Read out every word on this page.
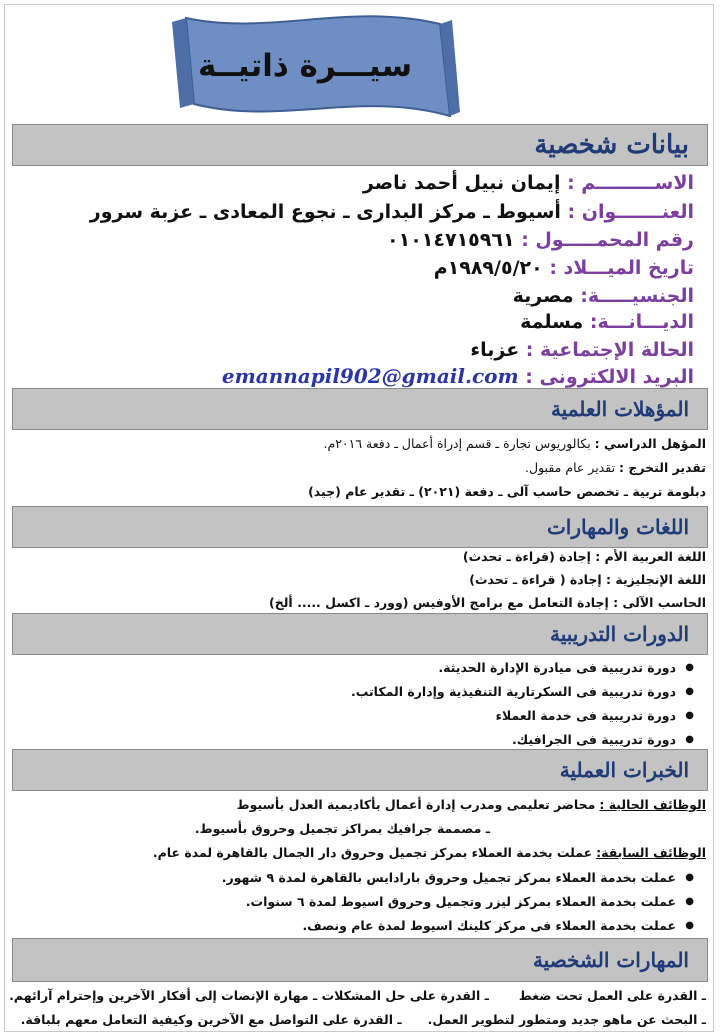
سيـــرة ذاتيــة
بيانات شخصية
الاســـــــــم : إيمان نبيل أحمد ناصر
العنـــــــوان : أسيوط ـ مركز البدارى ـ نجوع المعادى ـ عزبة سرور
رقم المحمـــــول : ٠١٠١٤٧١٥٩٦١
تاريخ الميـــلاد : ١٩٨٩/٥/٢٠م
الجنسيـــــة: مصرية
الديـــانـــة: مسلمة
الحالة الإجتماعية : عزباء
البريد الالكترونى : emannapil902@gmail.com
المؤهلات العلمية
المؤهل الدراسي : بكالوريوس تجارة ـ قسم إدراة أعمال ـ دفعة ٢٠١٦م.
تقدير التخرج : تقدير عام مقبول.
دبلومة تربية ـ تخصص حاسب آلى ـ دفعة (٢٠٢١) ـ تقدير عام (جيد)
اللغات والمهارات
اللغة العربية الأم : إجادة (قراءة ـ تحدث)
اللغة الإنجليزية : إجادة ( قراءة ـ تحدث)
الحاسب الآلى : إجادة التعامل مع برامج الأوفيس (وورد ـ اكسل ..... ألخ)
الدورات التدريبية
● دورة تدريبية فى ميادرة الإدارة الحديثة.
● دورة تدريبية فى السكرتارية التنفيذية وإدارة المكاتب.
● دورة تدريبية فى خدمة العملاء
● دورة تدريبية فى الجرافيك.
الخبرات العملية
الوظائف الحالية : محاضر تعليمى ومدرب إدارة أعمال بأكاديمية العدل بأسيوط
ـ مصممة جرافيك بمراكز تجميل وحروق بأسيوط.
الوظائف السابقة: عملت بخدمة العملاء بمركز تجميل وحروق دار الجمال بالقاهرة لمدة عام.
● عملت بخدمة العملاء بمركز تجميل وحروق بارادايس بالقاهرة لمدة ٩ شهور.
● عملت بخدمة العملاء بمركز ليزر وتجميل وحروق اسيوط لمدة ٦ سنوات.
● عملت بخدمة العملاء فى مركز كلينك اسيوط لمدة عام ونصف.
المهارات الشخصية
ـ القدرة على العمل تحت ضغط  ـ القدرة على حل المشكلات ـ مهارة الإنصات إلى أفكار الآخرين وإحترام آرائهم.
ـ البحث عن ماهو جديد ومتطور لتطوير العمل.  ـ القدرة على التواصل مع الآخرين وكيفية التعامل معهم بلباقة.
